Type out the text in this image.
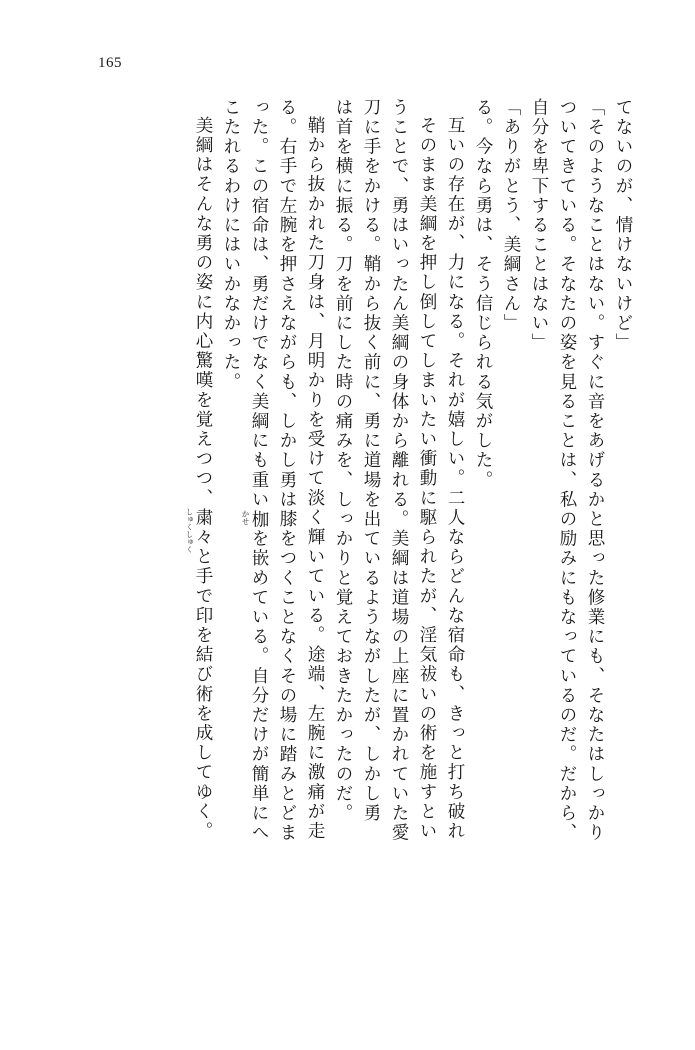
165
てないのが、情けないけど」
「そのようなことはない。すぐに音をあげるかと思った修業にも、そなたはしっかり
ついてきている。そなたの姿を見ることは、私の励みにもなっているのだ。だから、
自分を卑下することはない」
「ありがとう、美綱さん」
る。今なら勇は、そう信じられる気がした。
互いの存在が、力になる。それが嬉しい。二人ならどんな宿命も、きっと打ち破れ
そのまま美綱を押し倒してしまいたい衝動に駆られたが、淫気祓いの術を施すとい
うことで、勇はいったん美綱の身体から離れる。美綱は道場の上座に置かれていた愛
刀に手をかける。鞘から抜く前に、勇に道場を出ているようながしたが、しかし勇
は首を横に振る。刀を前にした時の痛みを、しっかりと覚えておきたかったのだ。
鞘から抜かれた刀身は、月明かりを受けて淡く輝いている。途端、左腕に激痛が走
る。右手で左腕を押さえながらも、しかし勇は膝をつくことなくその場に踏みとどま
った。この宿命は、勇だけでなく美綱にも重い枷
かせ
を嵌めている。自分だけが簡単にへ
こたれるわけにはいかなかった。
美綱はそんな勇の姿に内心驚嘆を覚えつつ、粛々
しゅくしゅく
と手で印を結び術を成してゆく。
